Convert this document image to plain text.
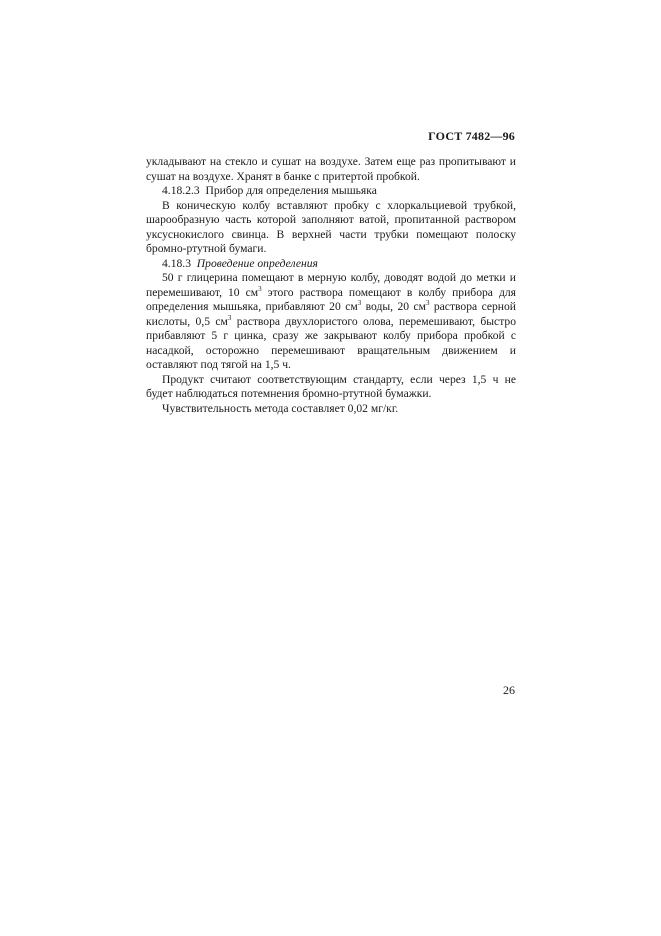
ГОСТ 7482—96

укладывают на стекло и сушат на воздухе. Затем еще раз пропитывают и сушат на воздухе. Хранят в банке с притертой пробкой.

4.18.2.3 Прибор для определения мышьяка

В коническую колбу вставляют пробку с хлоркальциевой трубкой, шарообразную часть которой заполняют ватой, пропитанной раствором уксуснокислого свинца. В верхней части трубки помещают полоску бромно-ртутной бумаги.

4.18.3 Проведение определения

50 г глицерина помещают в мерную колбу, доводят водой до метки и перемешивают, 10 $см^3$ этого раствора помещают в колбу прибора для определения мышьяка, прибавляют 20 $см^3$ воды, 20 $см^3$ раствора серной кислоты, 0,5 $см^3$ раствора двухлористого олова, перемешивают, быстро прибавляют 5 г цинка, сразу же закрывают колбу прибора пробкой с насадкой, осторожно перемешивают вращательным движением и оставляют под тягой на 1,5 ч.

Продукт считают соответствующим стандарту, если через 1,5 ч не будет наблюдаться потемнения бромно-ртутной бумажки.

Чувствительность метода составляет 0,02 мг/кг.

26
